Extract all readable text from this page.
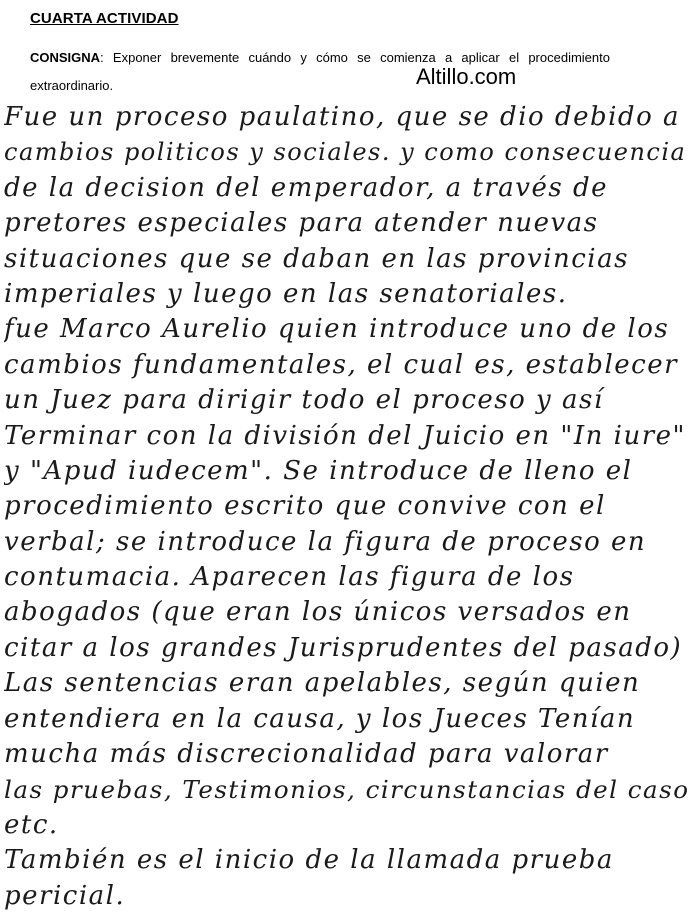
CUARTA ACTIVIDAD
CONSIGNA: Exponer brevemente cuándo y cómo se comienza a aplicar el procedimiento extraordinario.	Altillo.com
Fue un proceso paulatino, que se dio debido a
cambios politicos y sociales. y como consecuencia
de la decision del emperador, a través de
pretores especiales para atender nuevas
situaciones que se daban en las provincias
imperiales y luego en las senatoriales.
fue Marco Aurelio quien introduce uno de los
cambios fundamentales, el cual es, establecer
un Juez para dirigir todo el proceso y así
Terminar con la división del Juicio en "In iure"
y "Apud iudecem". Se introduce de lleno el
procedimiento escrito que convive con el
verbal; se introduce la figura de proceso en
contumacia. Aparecen las figura de los
abogados (que eran los únicos versados en
citar a los grandes Jurisprudentes del pasado)
Las sentencias eran apelables, según quien
entendiera en la causa, y los Jueces Tenían
mucha más discrecionalidad para valorar
las pruebas, Testimonios, circunstancias del caso
etc.
También es el inicio de la llamada prueba
pericial.
